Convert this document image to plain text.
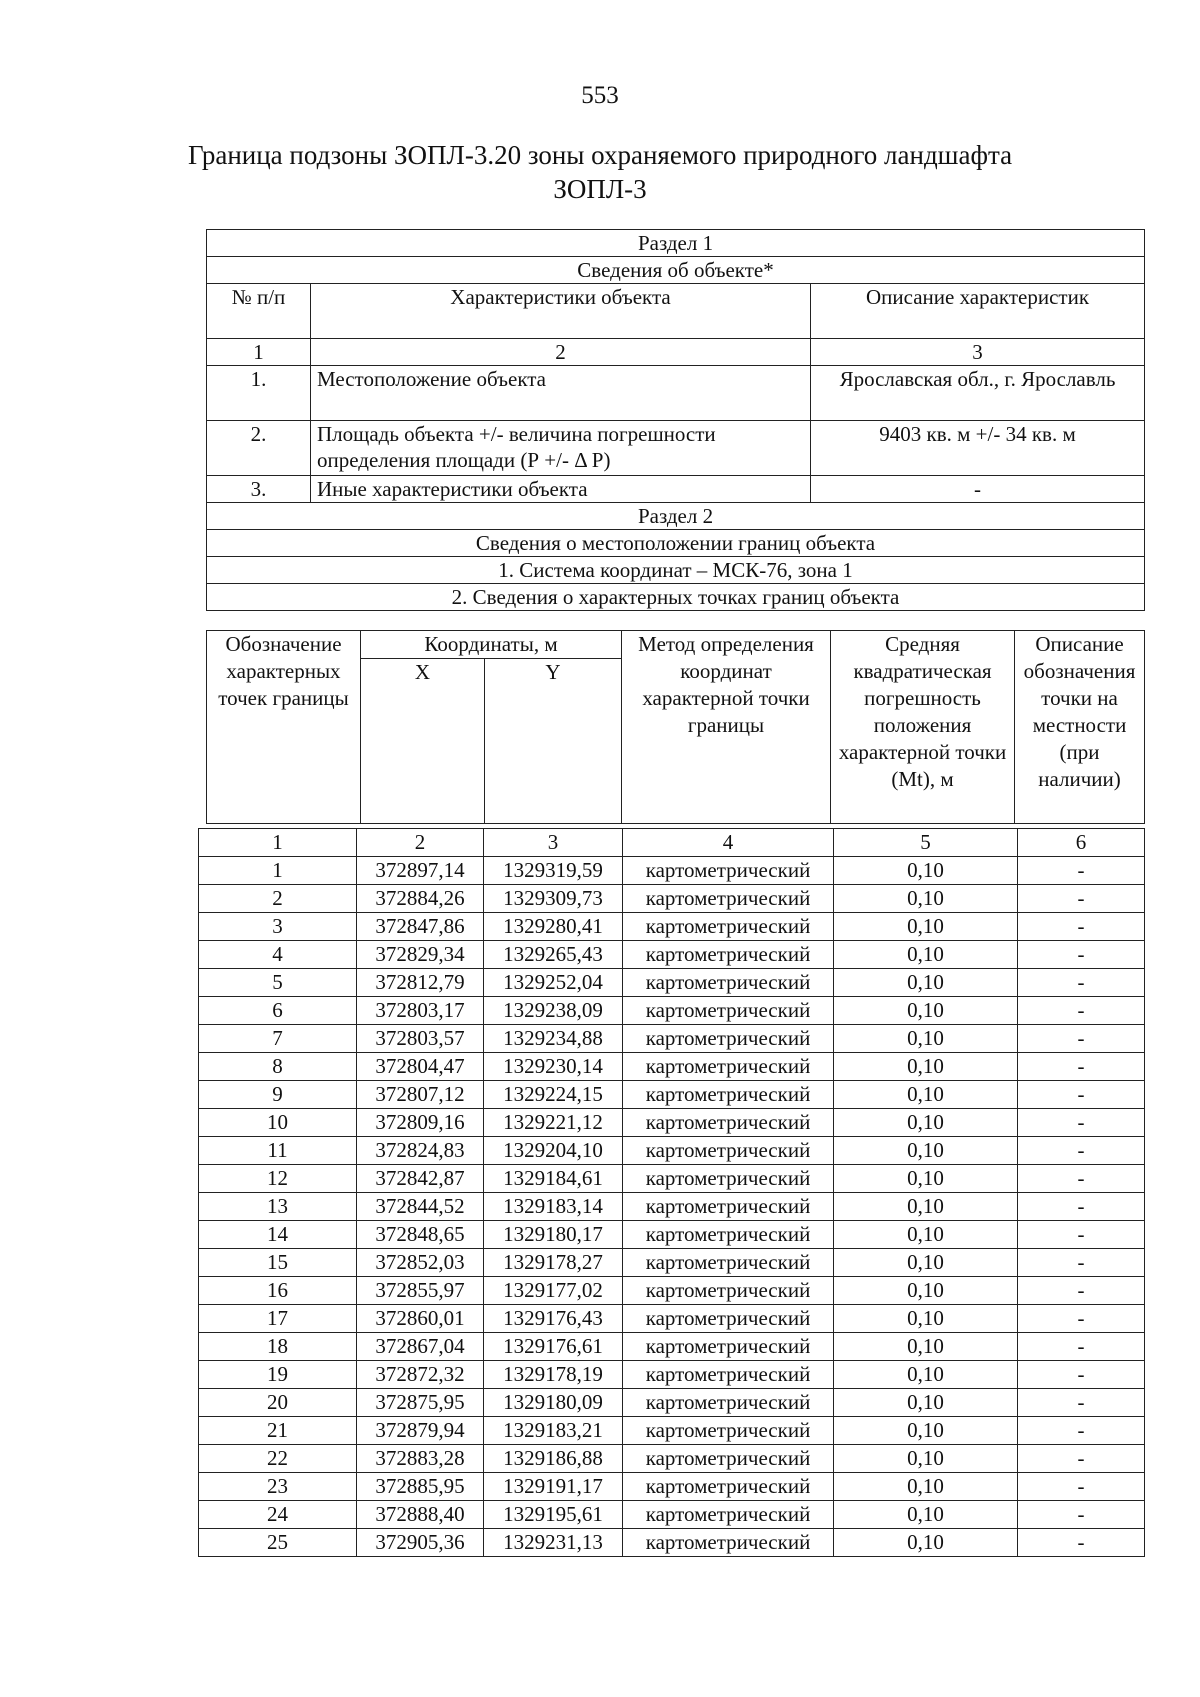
553
Граница подзоны ЗОПЛ-3.20 зоны охраняемого природного ландшафта
ЗОПЛ-3
Раздел 1		
Сведения об объекте*		
№ п/п	Характеристики объекта	Описание характеристик
1	2	3
1.	Местоположение объекта	Ярославская обл., г. Ярославль
2.	Площадь объекта +/- величина погрешности определения площади (Р +/- Δ Р)	9403 кв. м +/- 34 кв. м
3.	Иные характеристики объекта	-
Раздел 2		
Сведения о местоположении границ объекта		
1. Система координат – МСК-76, зона 1		
2. Сведения о характерных точках границ объекта		
Обозначение характерных точек границы	Координаты, м		Метод определения координат характерной точки границы	Средняя квадратическая погрешность положения характерной точки (Mt), м	Описание обозначения точки на местности (при наличии)
	X	Y			
1	2	3	4	5	6
1	372897,14	1329319,59	картометрический	0,10	-
2	372884,26	1329309,73	картометрический	0,10	-
3	372847,86	1329280,41	картометрический	0,10	-
4	372829,34	1329265,43	картометрический	0,10	-
5	372812,79	1329252,04	картометрический	0,10	-
6	372803,17	1329238,09	картометрический	0,10	-
7	372803,57	1329234,88	картометрический	0,10	-
8	372804,47	1329230,14	картометрический	0,10	-
9	372807,12	1329224,15	картометрический	0,10	-
10	372809,16	1329221,12	картометрический	0,10	-
11	372824,83	1329204,10	картометрический	0,10	-
12	372842,87	1329184,61	картометрический	0,10	-
13	372844,52	1329183,14	картометрический	0,10	-
14	372848,65	1329180,17	картометрический	0,10	-
15	372852,03	1329178,27	картометрический	0,10	-
16	372855,97	1329177,02	картометрический	0,10	-
17	372860,01	1329176,43	картометрический	0,10	-
18	372867,04	1329176,61	картометрический	0,10	-
19	372872,32	1329178,19	картометрический	0,10	-
20	372875,95	1329180,09	картометрический	0,10	-
21	372879,94	1329183,21	картометрический	0,10	-
22	372883,28	1329186,88	картометрический	0,10	-
23	372885,95	1329191,17	картометрический	0,10	-
24	372888,40	1329195,61	картометрический	0,10	-
25	372905,36	1329231,13	картометрический	0,10	-
